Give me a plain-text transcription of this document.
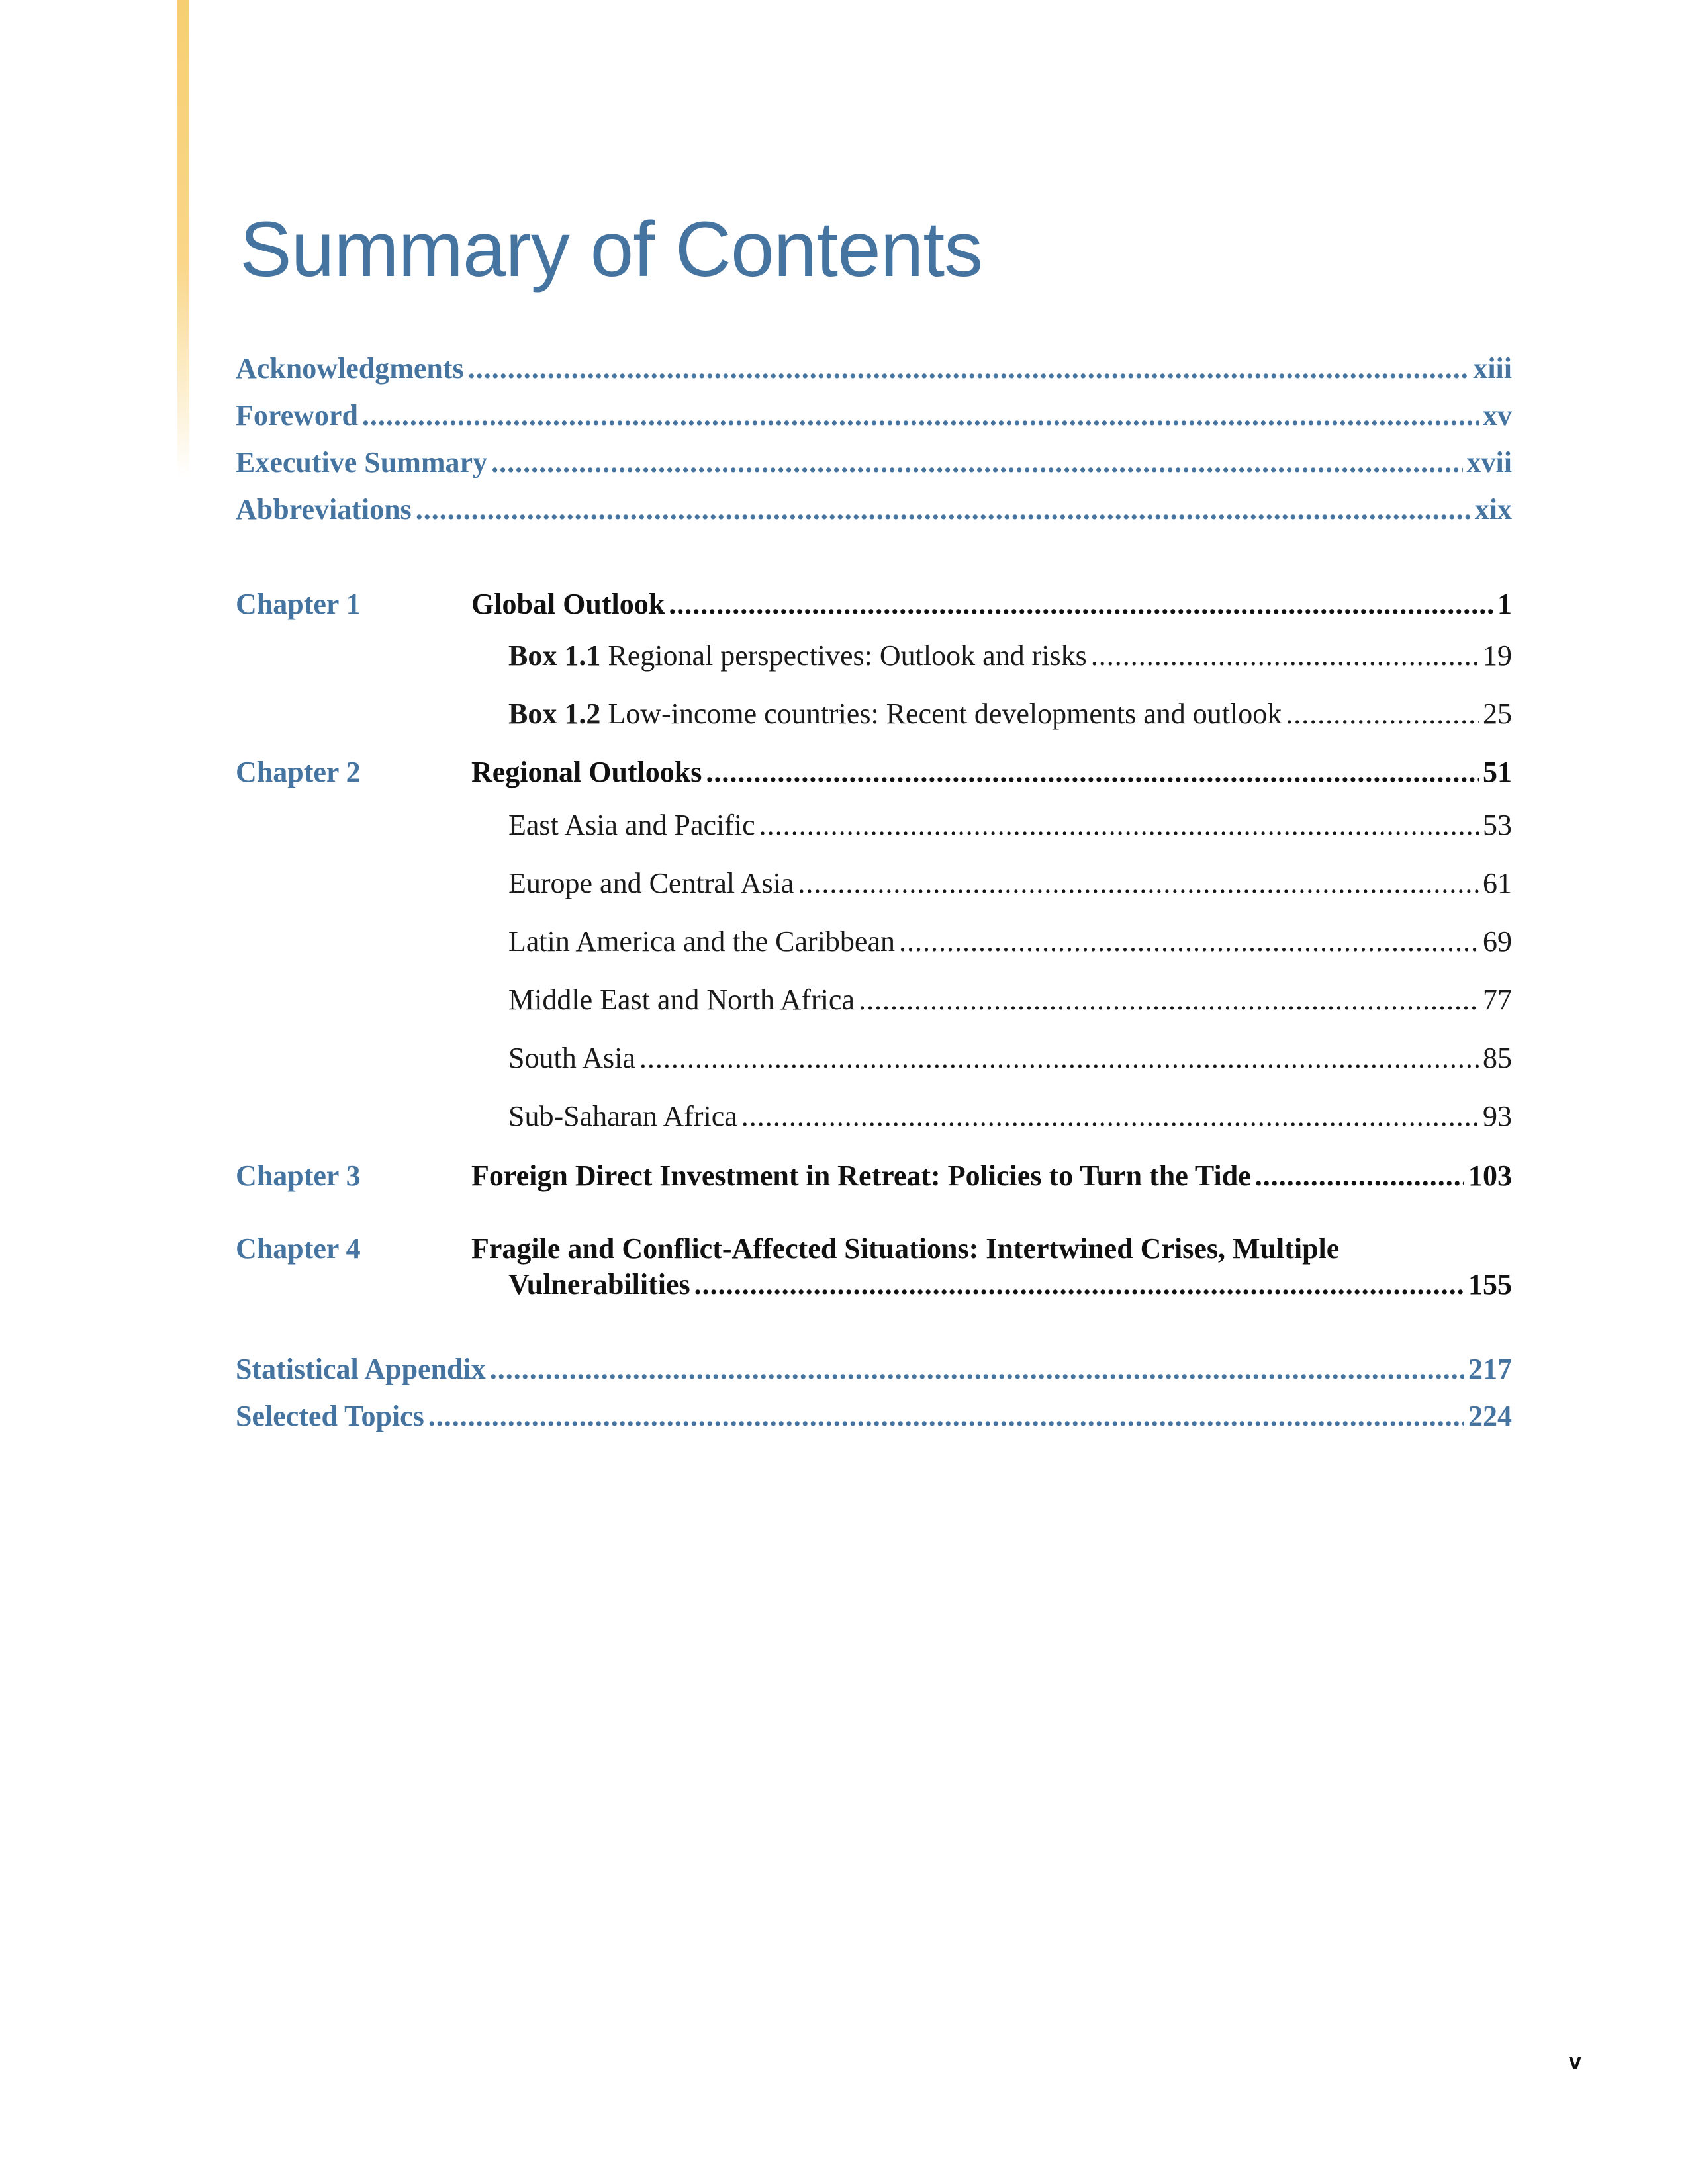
Summary of Contents
Acknowledgments .....	xiii
Foreword .....	xv
Executive Summary .....	xvii
Abbreviations .....	xix
Chapter 1	Global Outlook .....	1
Box 1.1 Regional perspectives: Outlook and risks .....	19
Box 1.2 Low-income countries: Recent developments and outlook .....	25
Chapter 2	Regional Outlooks .....	51
East Asia and Pacific .....	53
Europe and Central Asia .....	61
Latin America and the Caribbean .....	69
Middle East and North Africa .....	77
South Asia .....	85
Sub-Saharan Africa .....	93
Chapter 3	Foreign Direct Investment in Retreat: Policies to Turn the Tide .....	103
Chapter 4	Fragile and Conflict-Affected Situations: Intertwined Crises, Multiple
Vulnerabilities .....	155
Statistical Appendix .....	217
Selected Topics .....	224
v
